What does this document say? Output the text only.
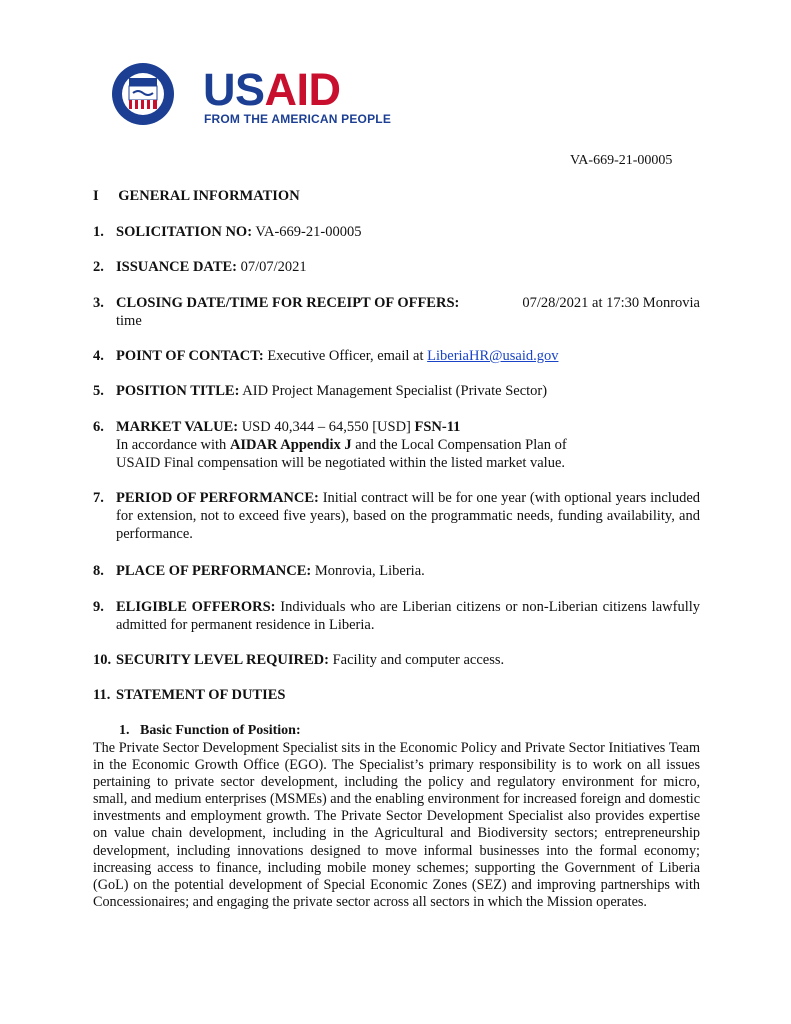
USAID
FROM THE AMERICAN PEOPLE
VA-669-21-00005
I GENERAL INFORMATION
1. SOLICITATION NO: VA-669-21-00005
2. ISSUANCE DATE: 07/07/2021
3. CLOSING DATE/TIME FOR RECEIPT OF OFFERS:	07/28/2021 at 17:30 Monrovia
time
4. POINT OF CONTACT: Executive Officer, email at LiberiaHR@usaid.gov
5. POSITION TITLE: AID Project Management Specialist (Private Sector)
6. MARKET VALUE: USD 40,344 – 64,550 [USD] FSN-11
In accordance with AIDAR Appendix J and the Local Compensation Plan of
USAID Final compensation will be negotiated within the listed market value.
7. PERIOD OF PERFORMANCE: Initial contract will be for one year (with optional years included for extension, not to exceed five years), based on the programmatic needs, funding availability, and performance.
8. PLACE OF PERFORMANCE: Monrovia, Liberia.
9. ELIGIBLE OFFERORS: Individuals who are Liberian citizens or non-Liberian citizens lawfully admitted for permanent residence in Liberia.
10. SECURITY LEVEL REQUIRED: Facility and computer access.
11. STATEMENT OF DUTIES
1. Basic Function of Position:
The Private Sector Development Specialist sits in the Economic Policy and Private Sector Initiatives Team in the Economic Growth Office (EGO). The Specialist’s primary responsibility is to work on all issues pertaining to private sector development, including the policy and regulatory environment for micro, small, and medium enterprises (MSMEs) and the enabling environment for increased foreign and domestic investments and employment growth. The Private Sector Development Specialist also provides expertise on value chain development, including in the Agricultural and Biodiversity sectors; entrepreneurship development, including innovations designed to move informal businesses into the formal economy; increasing access to finance, including mobile money schemes; supporting the Government of Liberia (GoL) on the potential development of Special Economic Zones (SEZ) and improving partnerships with Concessionaires; and engaging the private sector across all sectors in which the Mission operates.
